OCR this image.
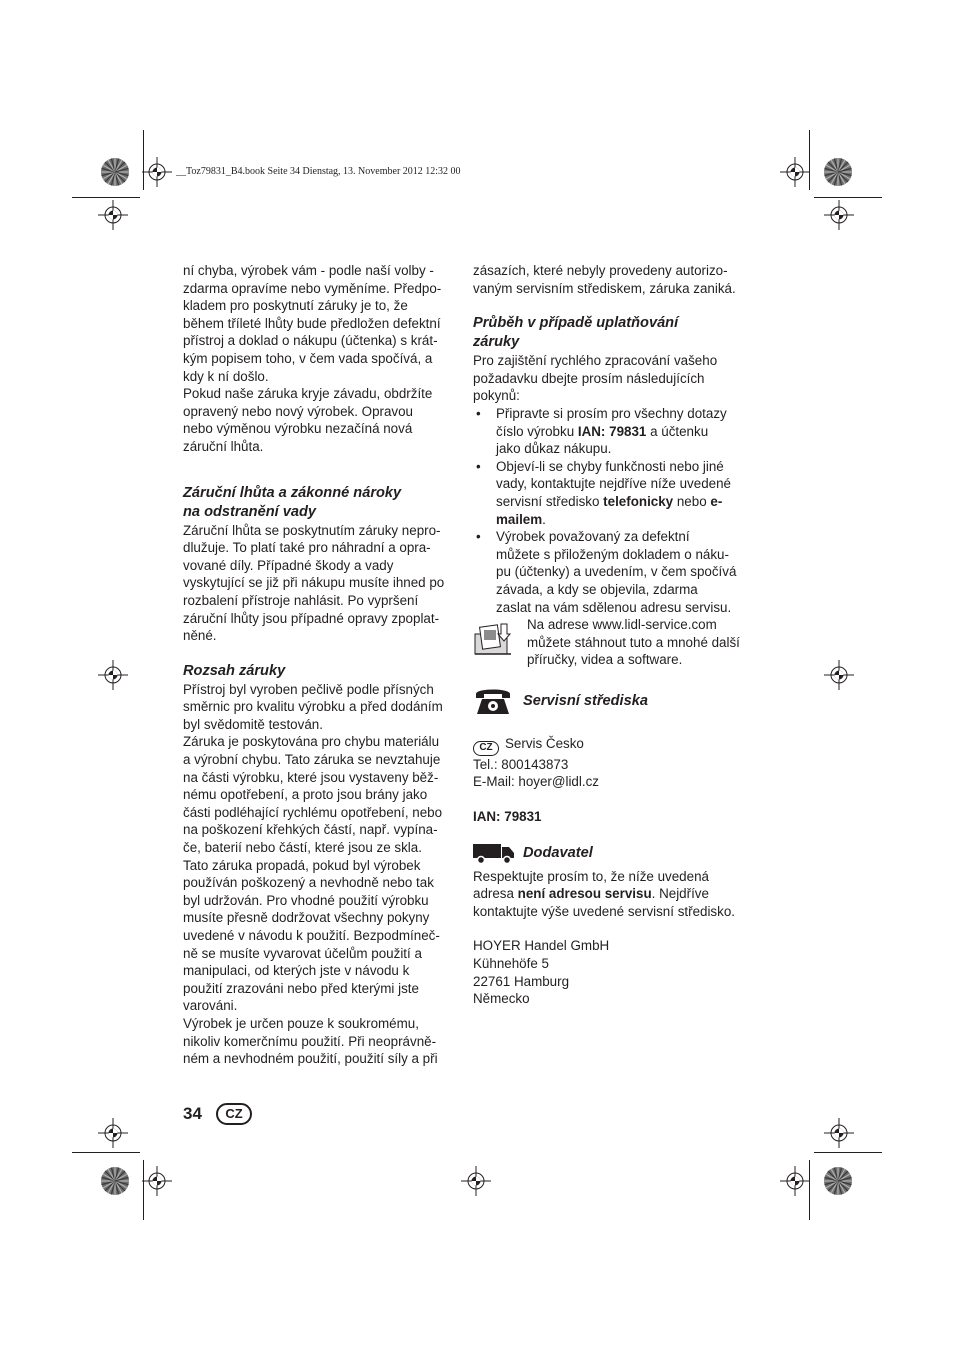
__Toz79831_B4.book Seite 34 Dienstag, 13. November 2012 12:32 00
ní chyba, výrobek vám - podle naší volby -
zdarma opravíme nebo vyměníme. Předpo-
kladem pro poskytnutí záruky je to, že
během tříleté lhůty bude předložen defektní
přístroj a doklad o nákupu (účtenka) s krát-
kým popisem toho, v čem vada spočívá, a
kdy k ní došlo.
Pokud naše záruka kryje závadu, obdržíte
opravený nebo nový výrobek. Opravou
nebo výměnou výrobku nezačíná nová
záruční lhůta.
Záruční lhůta a zákonné nároky
na odstranění vady
Záruční lhůta se poskytnutím záruky nepro-
dlužuje. To platí také pro náhradní a opra-
vované díly. Případné škody a vady
vyskytující se již při nákupu musíte ihned po
rozbalení přístroje nahlásit. Po vypršení
záruční lhůty jsou případné opravy zpoplat-
něné.
Rozsah záruky
Přístroj byl vyroben pečlivě podle přísných
směrnic pro kvalitu výrobku a před dodáním
byl svědomitě testován.
Záruka je poskytována pro chybu materiálu
a výrobní chybu. Tato záruka se nevztahuje
na části výrobku, které jsou vystaveny běž-
nému opotřebení, a proto jsou brány jako
části podléhající rychlému opotřebení, nebo
na poškození křehkých částí, např. vypína-
če, baterií nebo částí, které jsou ze skla.
Tato záruka propadá, pokud byl výrobek
používán poškozený a nevhodně nebo tak
byl udržován. Pro vhodné použití výrobku
musíte přesně dodržovat všechny pokyny
uvedené v návodu k použití. Bezpodmíneč-
ně se musíte vyvarovat účelům použití a
manipulaci, od kterých jste v návodu k
použití zrazováni nebo před kterými jste
varováni.
Výrobek je určen pouze k soukromému,
nikoliv komerčnímu použití. Při neoprávně-
ném a nevhodném použití, použití síly a při
zásazích, které nebyly provedeny autorizo-
vaným servisním střediskem, záruka zaniká.
Průběh v případě uplatňování
záruky
Pro zajištění rychlého zpracování vašeho
požadavku dbejte prosím následujících
pokynů:
• Připravte si prosím pro všechny dotazy
číslo výrobku IAN: 79831 a účtenku
jako důkaz nákupu.
• Objeví-li se chyby funkčnosti nebo jiné
vady, kontaktujte nejdříve níže uvedené
servisní středisko telefonicky nebo e-
mailem.
• Výrobek považovaný za defektní
můžete s přiloženým dokladem o náku-
pu (účtenky) a uvedením, v čem spočívá
závada, a kdy se objevila, zdarma
zaslat na vám sdělenou adresu servisu.
Na adrese www.lidl-service.com
můžete stáhnout tuto a mnohé další
příručky, videa a software.
Servisní střediska
CZ Servis Česko
Tel.: 800143873
E-Mail: hoyer@lidl.cz
IAN: 79831
Dodavatel
Respektujte prosím to, že níže uvedená
adresa není adresou servisu. Nejdříve
kontaktujte výše uvedené servisní středisko.
HOYER Handel GmbH
Kühnehöfe 5
22761 Hamburg
Německo
34	CZ
